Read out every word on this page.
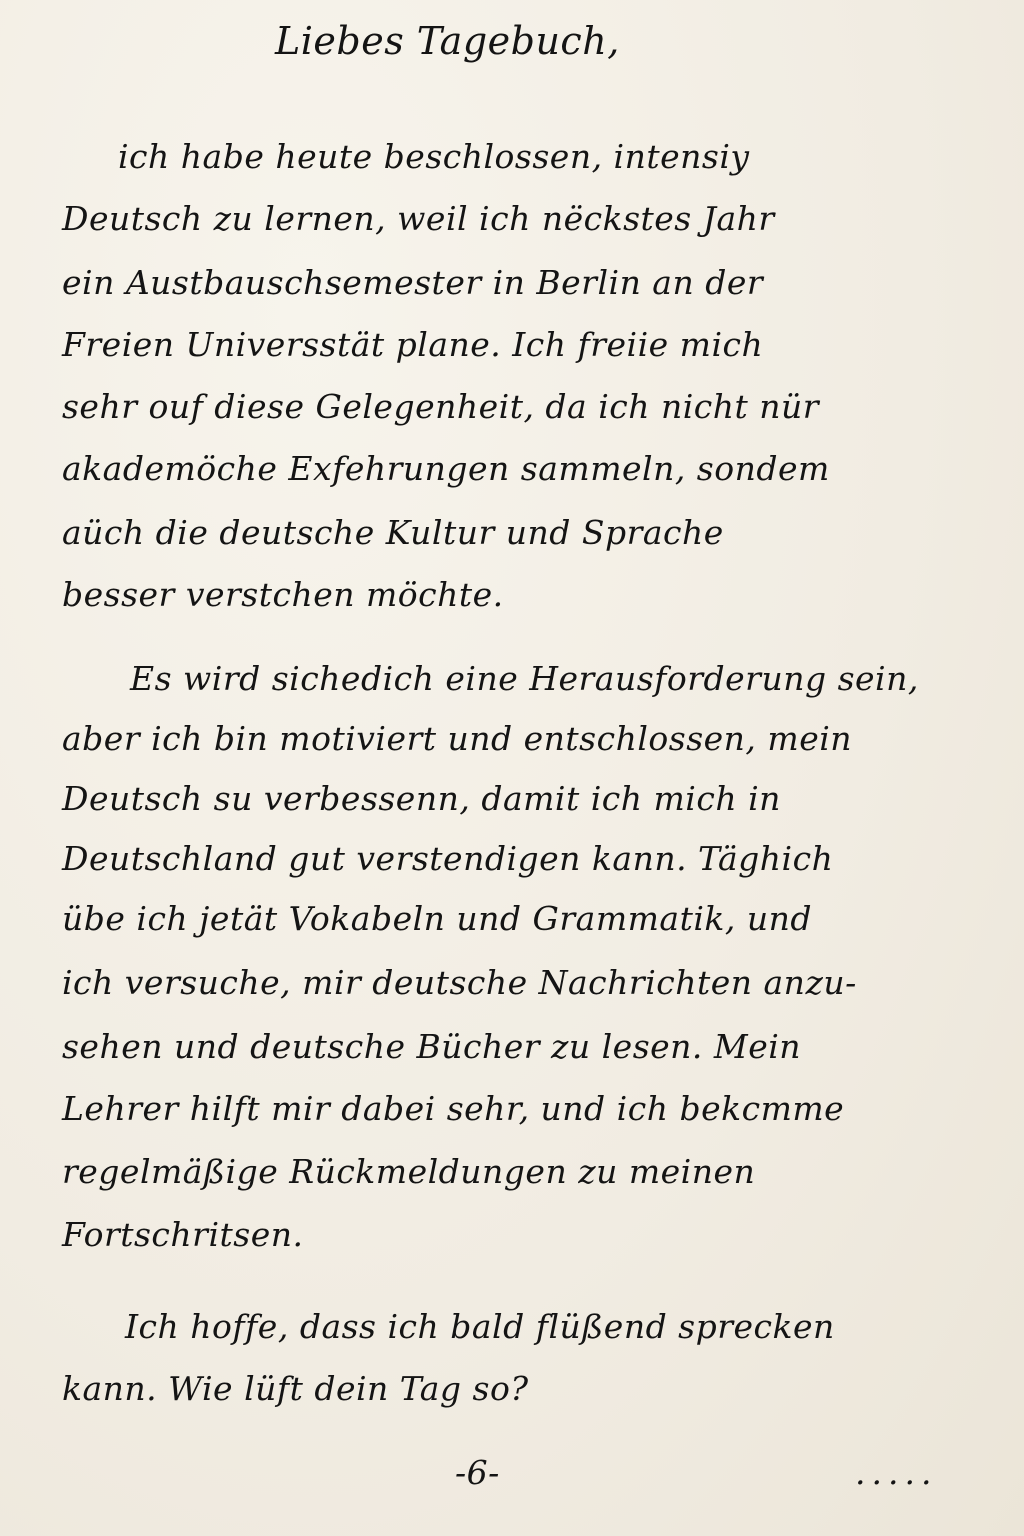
Liebes Tagebuch,
ich habe heute beschlossen, intensiy
Deutsch zu lernen, weil ich nëckstes Jahr
ein Austbauschsemester in Berlin an der
Freien Universstät plane. Ich freiie mich
sehr ouf diese Gelegenheit, da ich nicht nür
akademöche Exfehrungen sammeln, sondem
aüch die deutsche Kultur und Sprache
besser verstchen möchte.
Es wird sichedich eine Herausforderung sein,
aber ich bin motiviert und entschlossen, mein
Deutsch su verbessenn, damit ich mich in
Deutschland gut verstendigen kann. Täghich
übe ich jetät Vokabeln und Grammatik, und
ich versuche, mir deutsche Nachrichten anzu-
sehen und deutsche Bücher zu lesen. Mein
Lehrer hilft mir dabei sehr, und ich bekcmme
regelmäßige Rückmeldungen zu meinen
Fortschritsen.
Ich hoffe, dass ich bald flüßend sprecken
kann. Wie lüft dein Tag so?
-6-	.....
